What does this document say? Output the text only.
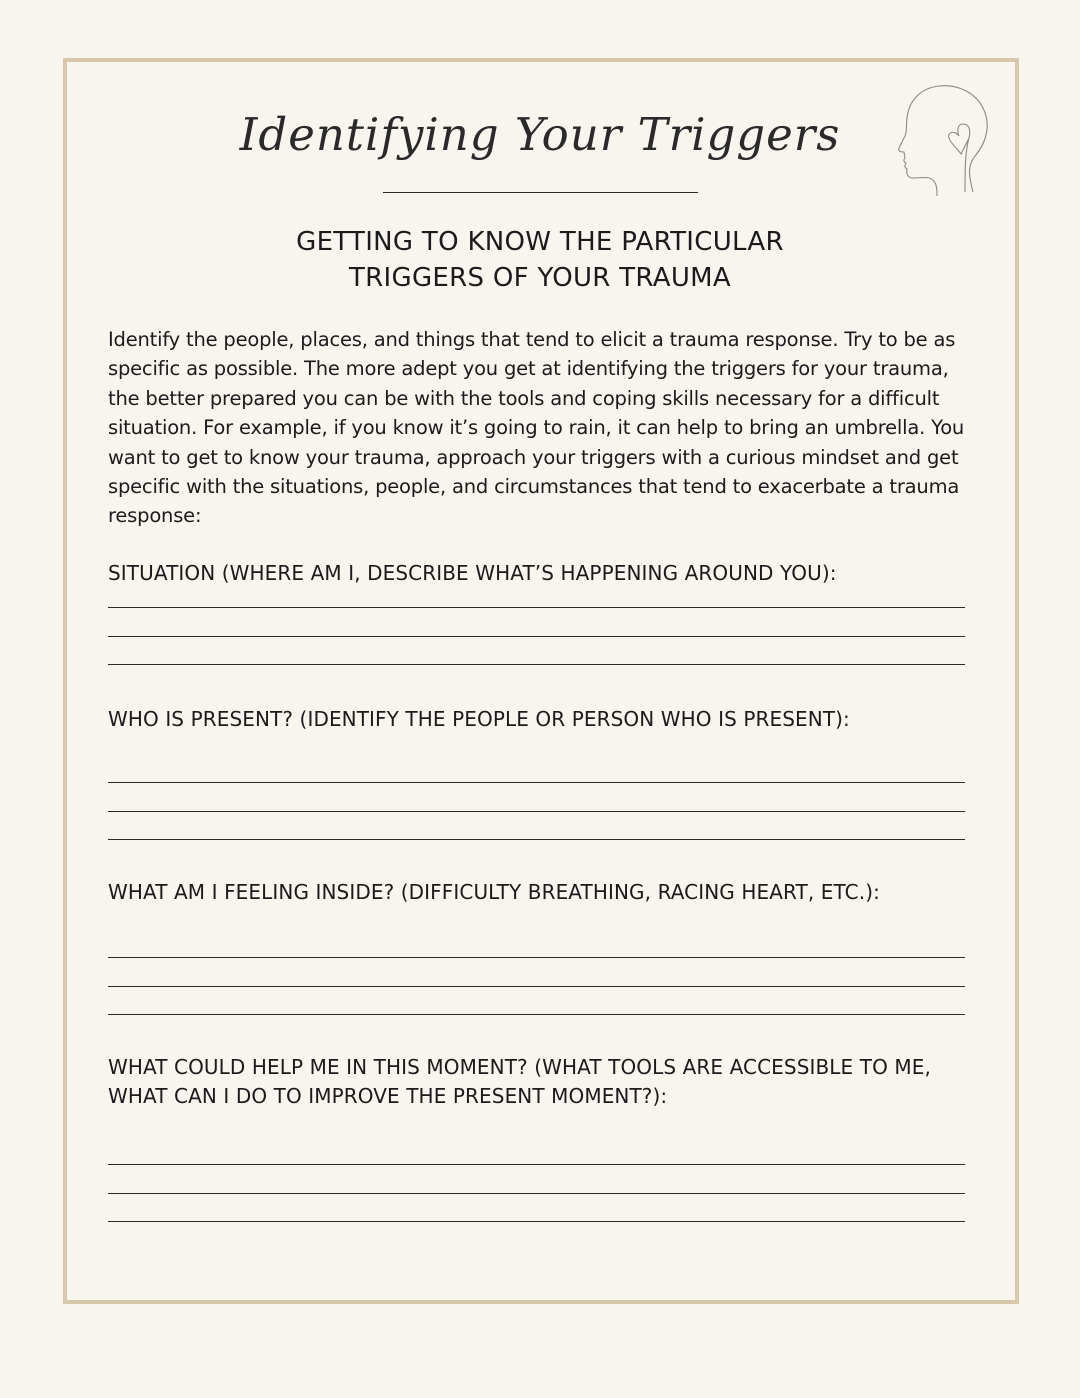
Identifying Your Triggers
GETTING TO KNOW THE PARTICULAR
TRIGGERS OF YOUR TRAUMA
Identify the people, places, and things that tend to elicit a trauma response. Try to be as specific as possible. The more adept you get at identifying the triggers for your trauma, the better prepared you can be with the tools and coping skills necessary for a difficult situation. For example, if you know it’s going to rain, it can help to bring an umbrella. You want to get to know your trauma, approach your triggers with a curious mindset and get specific with the situations, people, and circumstances that tend to exacerbate a trauma response:
SITUATION (WHERE AM I, DESCRIBE WHAT’S HAPPENING AROUND YOU):
WHO IS PRESENT? (IDENTIFY THE PEOPLE OR PERSON WHO IS PRESENT):
WHAT AM I FEELING INSIDE? (DIFFICULTY BREATHING, RACING HEART, ETC.):
WHAT COULD HELP ME IN THIS MOMENT? (WHAT TOOLS ARE ACCESSIBLE TO ME, WHAT CAN I DO TO IMPROVE THE PRESENT MOMENT?):
